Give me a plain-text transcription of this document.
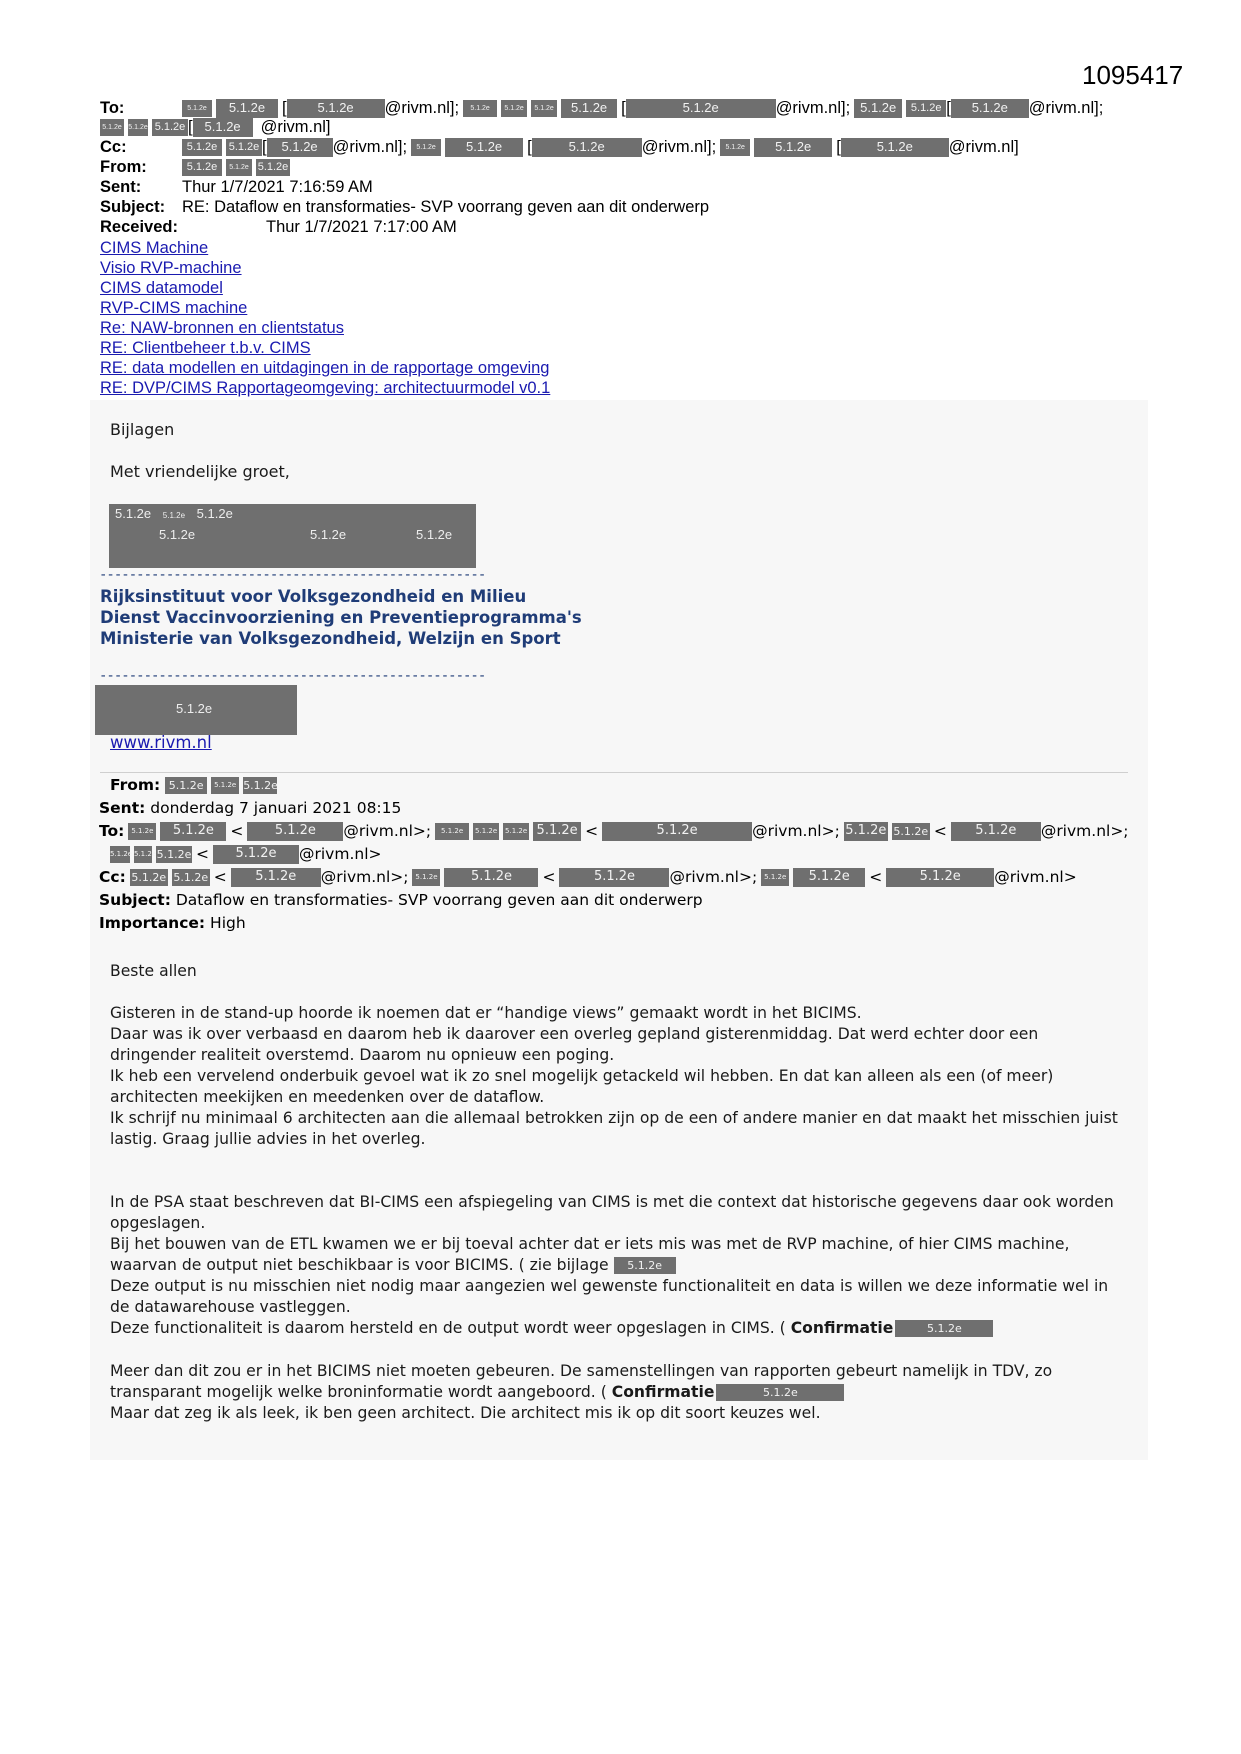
1095417
To:	5.1.2e 5.1.2e [ 5.1.2e @rivm.nl]; 5.1.2e 5.1.2e 5.1.2e 5.1.2e [	5.1.2e	@rivm.nl]; 5.1.2e 5.1.2e [ 5.1.2e @rivm.nl];
5.1.2e 5.1.2e 5.1.2e [ 5.1.2e @rivm.nl]
Cc:	5.1.2e 5.1.2e [ 5.1.2e @rivm.nl]; 5.1.2e 5.1.2e [	5.1.2e @rivm.nl]; 5.1.2e 5.1.2e [	5.1.2e @rivm.nl]
From:	5.1.2e 5.1.2e 5.1.2e
Sent: Thur 1/7/2021 7:16:59 AM
Subject: RE: Dataflow en transformaties- SVP voorrang geven aan dit onderwerp
Received:	Thur 1/7/2021 7:17:00 AM
CIMS Machine
Visio RVP-machine
CIMS datamodel
RVP-CIMS machine
Re: NAW-bronnen en clientstatus
RE: Clientbeheer t.b.v. CIMS
RE: data modellen en uitdagingen in de rapportage omgeving
RE: DVP/CIMS Rapportageomgeving: architectuurmodel v0.1
Bijlagen
Met vriendelijke groet,
5.1.2e 5.1.2e 5.1.2e
5.1.2e	5.1.2e	5.1.2e
----------------------------------------------------
Rijksinstituut voor Volksgezondheid en Milieu
Dienst Vaccinvoorziening en Preventieprogramma's
Ministerie van Volksgezondheid, Welzijn en Sport
----------------------------------------------------
5.1.2e
www.rivm.nl
From: 5.1.2e 5.1.2e 5.1.2e
Sent: donderdag 7 januari 2021 08:15
To: 5.1.2e 5.1.2e < 5.1.2e @rivm.nl>; 5.1.2e 5.1.2e 5.1.2e 5.1.2e <	5.1.2e	@rivm.nl>; 5.1.2e 5.1.2e < 5.1.2e @rivm.nl>;
5.1.2e 5.1.2e5.1.2e < 5.1.2e @rivm.nl>
Cc: 5.1.2e 5.1.2e < 5.1.2e @rivm.nl>; 5.1.2e	5.1.2e <	5.1.2e @rivm.nl>; 5.1.2e 5.1.2e <	5.1.2e @rivm.nl>
Subject: Dataflow en transformaties- SVP voorrang geven aan dit onderwerp
Importance: High
Beste allen
Gisteren in de stand-up hoorde ik noemen dat er “handige views” gemaakt wordt in het BICIMS.
Daar was ik over verbaasd en daarom heb ik daarover een overleg gepland gisterenmiddag. Dat werd echter door een dringender realiteit overstemd. Daarom nu opnieuw een poging.
Ik heb een vervelend onderbuik gevoel wat ik zo snel mogelijk getackeld wil hebben. En dat kan alleen als een (of meer) architecten meekijken en meedenken over de dataflow.
Ik schrijf nu minimaal 6 architecten aan die allemaal betrokken zijn op de een of andere manier en dat maakt het misschien juist lastig. Graag jullie advies in het overleg.
In de PSA staat beschreven dat BI-CIMS een afspiegeling van CIMS is met die context dat historische gegevens daar ook worden opgeslagen.
Bij het bouwen van de ETL kwamen we er bij toeval achter dat er iets mis was met de RVP machine, of hier CIMS machine, waarvan de output niet beschikbaar is voor BICIMS. ( zie bijlage 5.1.2e
Deze output is nu misschien niet nodig maar aangezien wel gewenste functionaliteit en data is willen we deze informatie wel in de datawarehouse vastleggen.
Deze functionaliteit is daarom hersteld en de output wordt weer opgeslagen in CIMS. ( Confirmatie	5.1.2e
Meer dan dit zou er in het BICIMS niet moeten gebeuren. De samenstellingen van rapporten gebeurt namelijk in TDV, zo transparant mogelijk welke broninformatie wordt aangeboord. ( Confirmatie	5.1.2e
Maar dat zeg ik als leek, ik ben geen architect. Die architect mis ik op dit soort keuzes wel.
